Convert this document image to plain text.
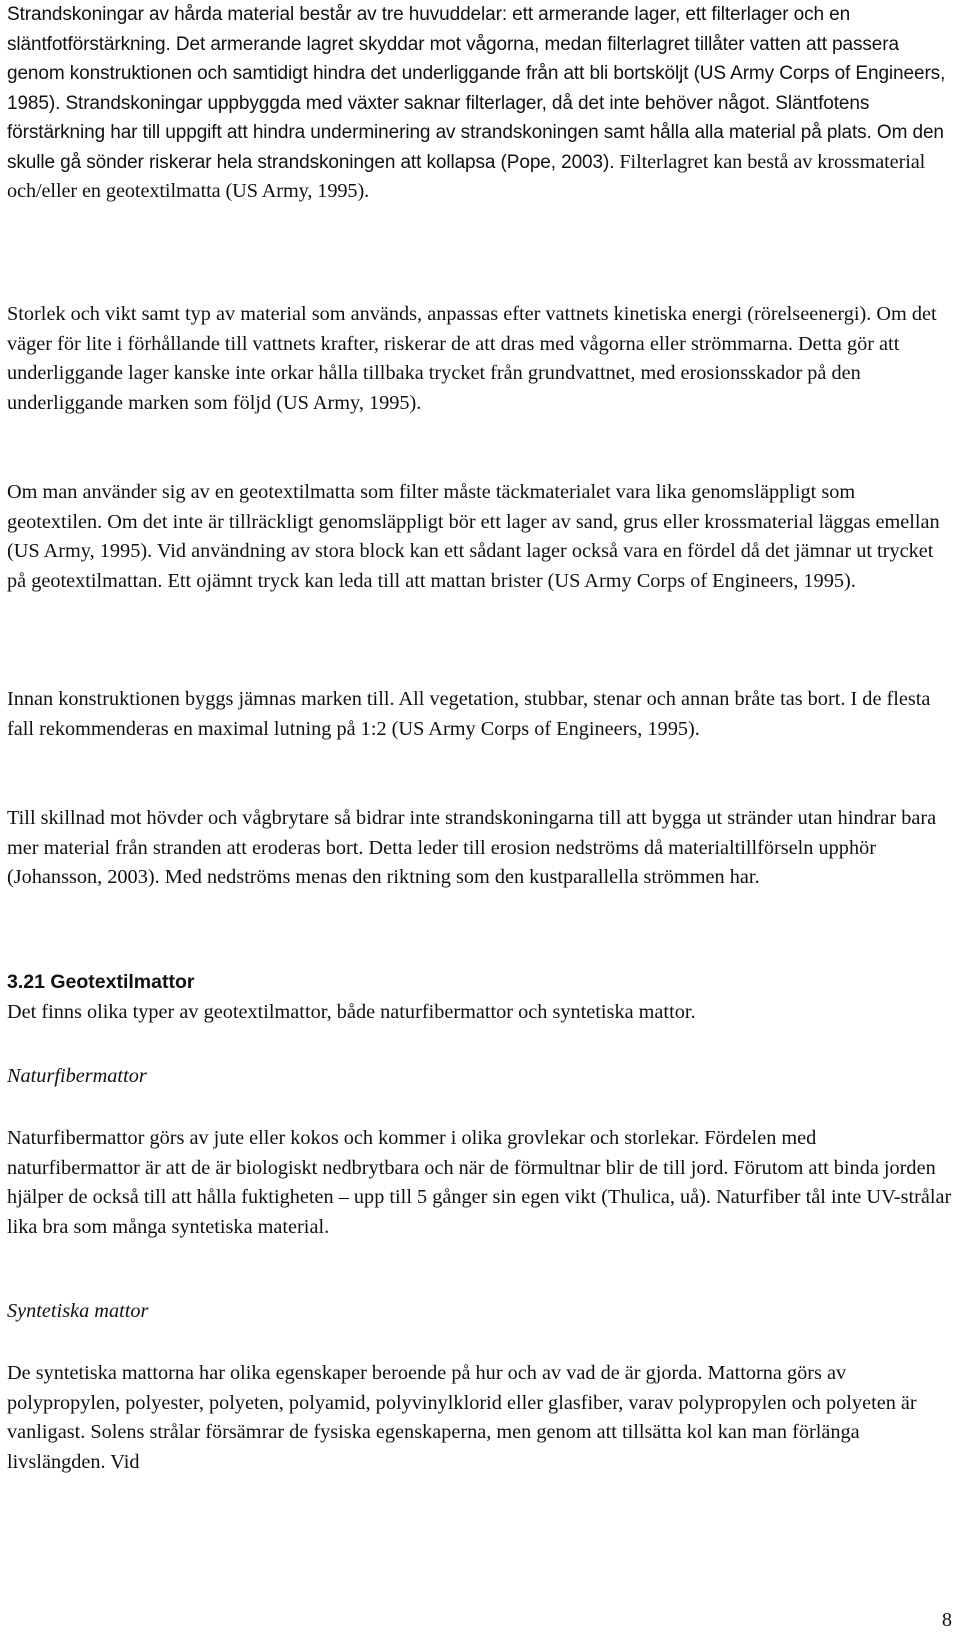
Strandskoningar av hårda material består av tre huvuddelar: ett armerande lager, ett filterlager och en släntfotförstärkning. Det armerande lagret skyddar mot vågorna, medan filterlagret tillåter vatten att passera genom konstruktionen och samtidigt hindra det underliggande från att bli bortsköljt (US Army Corps of Engineers, 1985). Strandskoningar uppbyggda med växter saknar filterlager, då det inte behöver något. Släntfotens förstärkning har till uppgift att hindra underminering av strandskoningen samt hålla alla material på plats. Om den skulle gå sönder riskerar hela strandskoningen att kollapsa (Pope, 2003). Filterlagret kan bestå av krossmaterial och/eller en geotextilmatta (US Army, 1995).

Storlek och vikt samt typ av material som används, anpassas efter vattnets kinetiska energi (rörelseenergi). Om det väger för lite i förhållande till vattnets krafter, riskerar de att dras med vågorna eller strömmarna. Detta gör att underliggande lager kanske inte orkar hålla tillbaka trycket från grundvattnet, med erosionsskador på den underliggande marken som följd (US Army, 1995).

Om man använder sig av en geotextilmatta som filter måste täckmaterialet vara lika genomsläppligt som geotextilen. Om det inte är tillräckligt genomsläppligt bör ett lager av sand, grus eller krossmaterial läggas emellan (US Army, 1995). Vid användning av stora block kan ett sådant lager också vara en fördel då det jämnar ut trycket på geotextilmattan. Ett ojämnt tryck kan leda till att mattan brister (US Army Corps of Engineers, 1995).

Innan konstruktionen byggs jämnas marken till. All vegetation, stubbar, stenar och annan bråte tas bort. I de flesta fall rekommenderas en maximal lutning på 1:2 (US Army Corps of Engineers, 1995).

Till skillnad mot hövder och vågbrytare så bidrar inte strandskoningarna till att bygga ut stränder utan hindrar bara mer material från stranden att eroderas bort. Detta leder till erosion nedströms då materialtillförseln upphör (Johansson, 2003). Med nedströms menas den riktning som den kustparallella strömmen har.

3.21 Geotextilmattor

Det finns olika typer av geotextilmattor, både naturfibermattor och syntetiska mattor.

Naturfibermattor

Naturfibermattor görs av jute eller kokos och kommer i olika grovlekar och storlekar. Fördelen med naturfibermattor är att de är biologiskt nedbrytbara och när de förmultnar blir de till jord. Förutom att binda jorden hjälper de också till att hålla fuktigheten – upp till 5 gånger sin egen vikt (Thulica, uå). Naturfiber tål inte UV-strålar lika bra som många syntetiska material.

Syntetiska mattor

De syntetiska mattorna har olika egenskaper beroende på hur och av vad de är gjorda. Mattorna görs av polypropylen, polyester, polyeten, polyamid, polyvinylklorid eller glasfiber, varav polypropylen och polyeten är vanligast. Solens strålar försämrar de fysiska egenskaperna, men genom att tillsätta kol kan man förlänga livslängden. Vid

8
